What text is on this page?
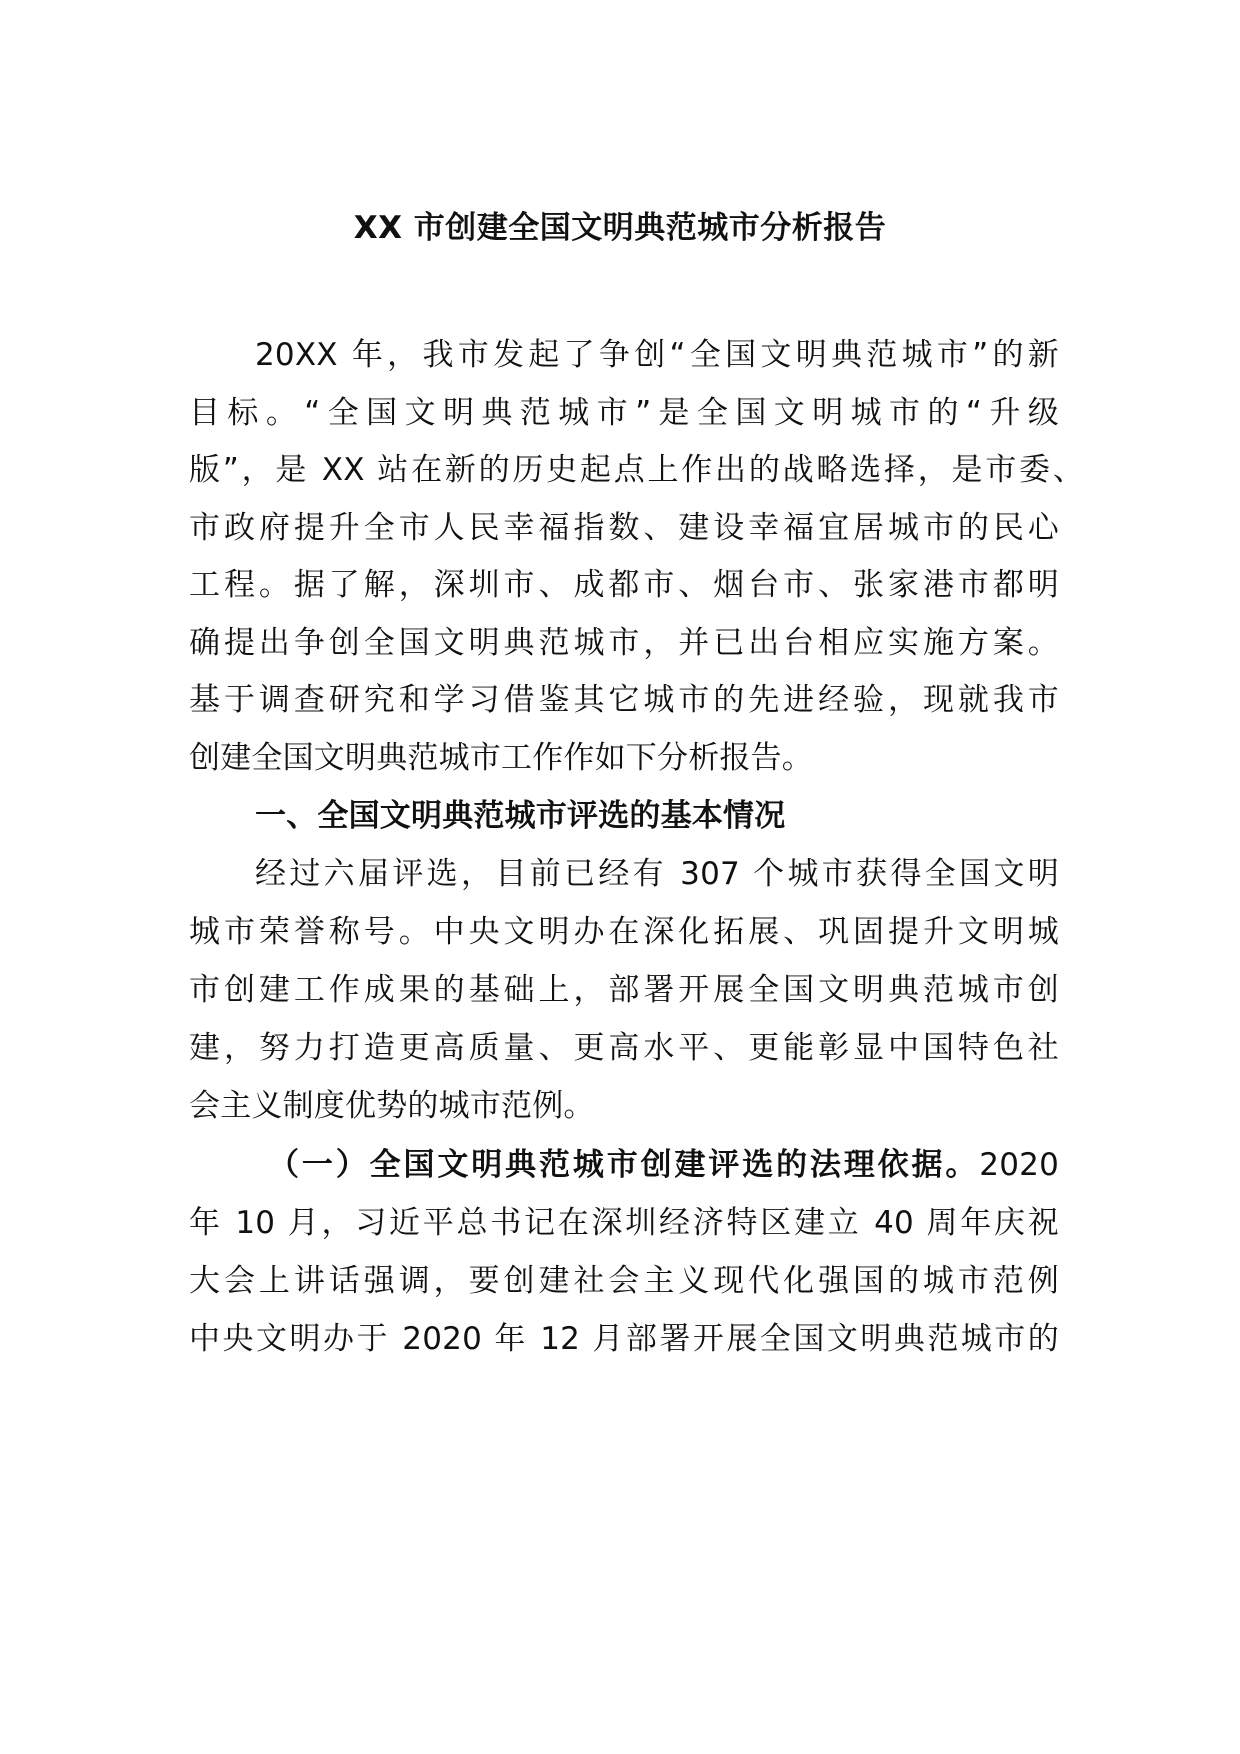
XX 市创建全国文明典范城市分析报告
20XX 年，我市发起了争创“全国文明典范城市”的新
目标。“全国文明典范城市”是全国文明城市的“升级
版”，是 XX 站在新的历史起点上作出的战略选择，是市委、
市政府提升全市人民幸福指数、建设幸福宜居城市的民心
工程。据了解，深圳市、成都市、烟台市、张家港市都明
确提出争创全国文明典范城市，并已出台相应实施方案。
基于调查研究和学习借鉴其它城市的先进经验，现就我市
创建全国文明典范城市工作作如下分析报告。
一、全国文明典范城市评选的基本情况
经过六届评选，目前已经有 307 个城市获得全国文明
城市荣誉称号。中央文明办在深化拓展、巩固提升文明城
市创建工作成果的基础上，部署开展全国文明典范城市创
建，努力打造更高质量、更高水平、更能彰显中国特色社
会主义制度优势的城市范例。
（一）全国文明典范城市创建评选的法理依据。2020
年 10 月，习近平总书记在深圳经济特区建立 40 周年庆祝
大会上讲话强调，要创建社会主义现代化强国的城市范例
中央文明办于 2020 年 12 月部署开展全国文明典范城市的
